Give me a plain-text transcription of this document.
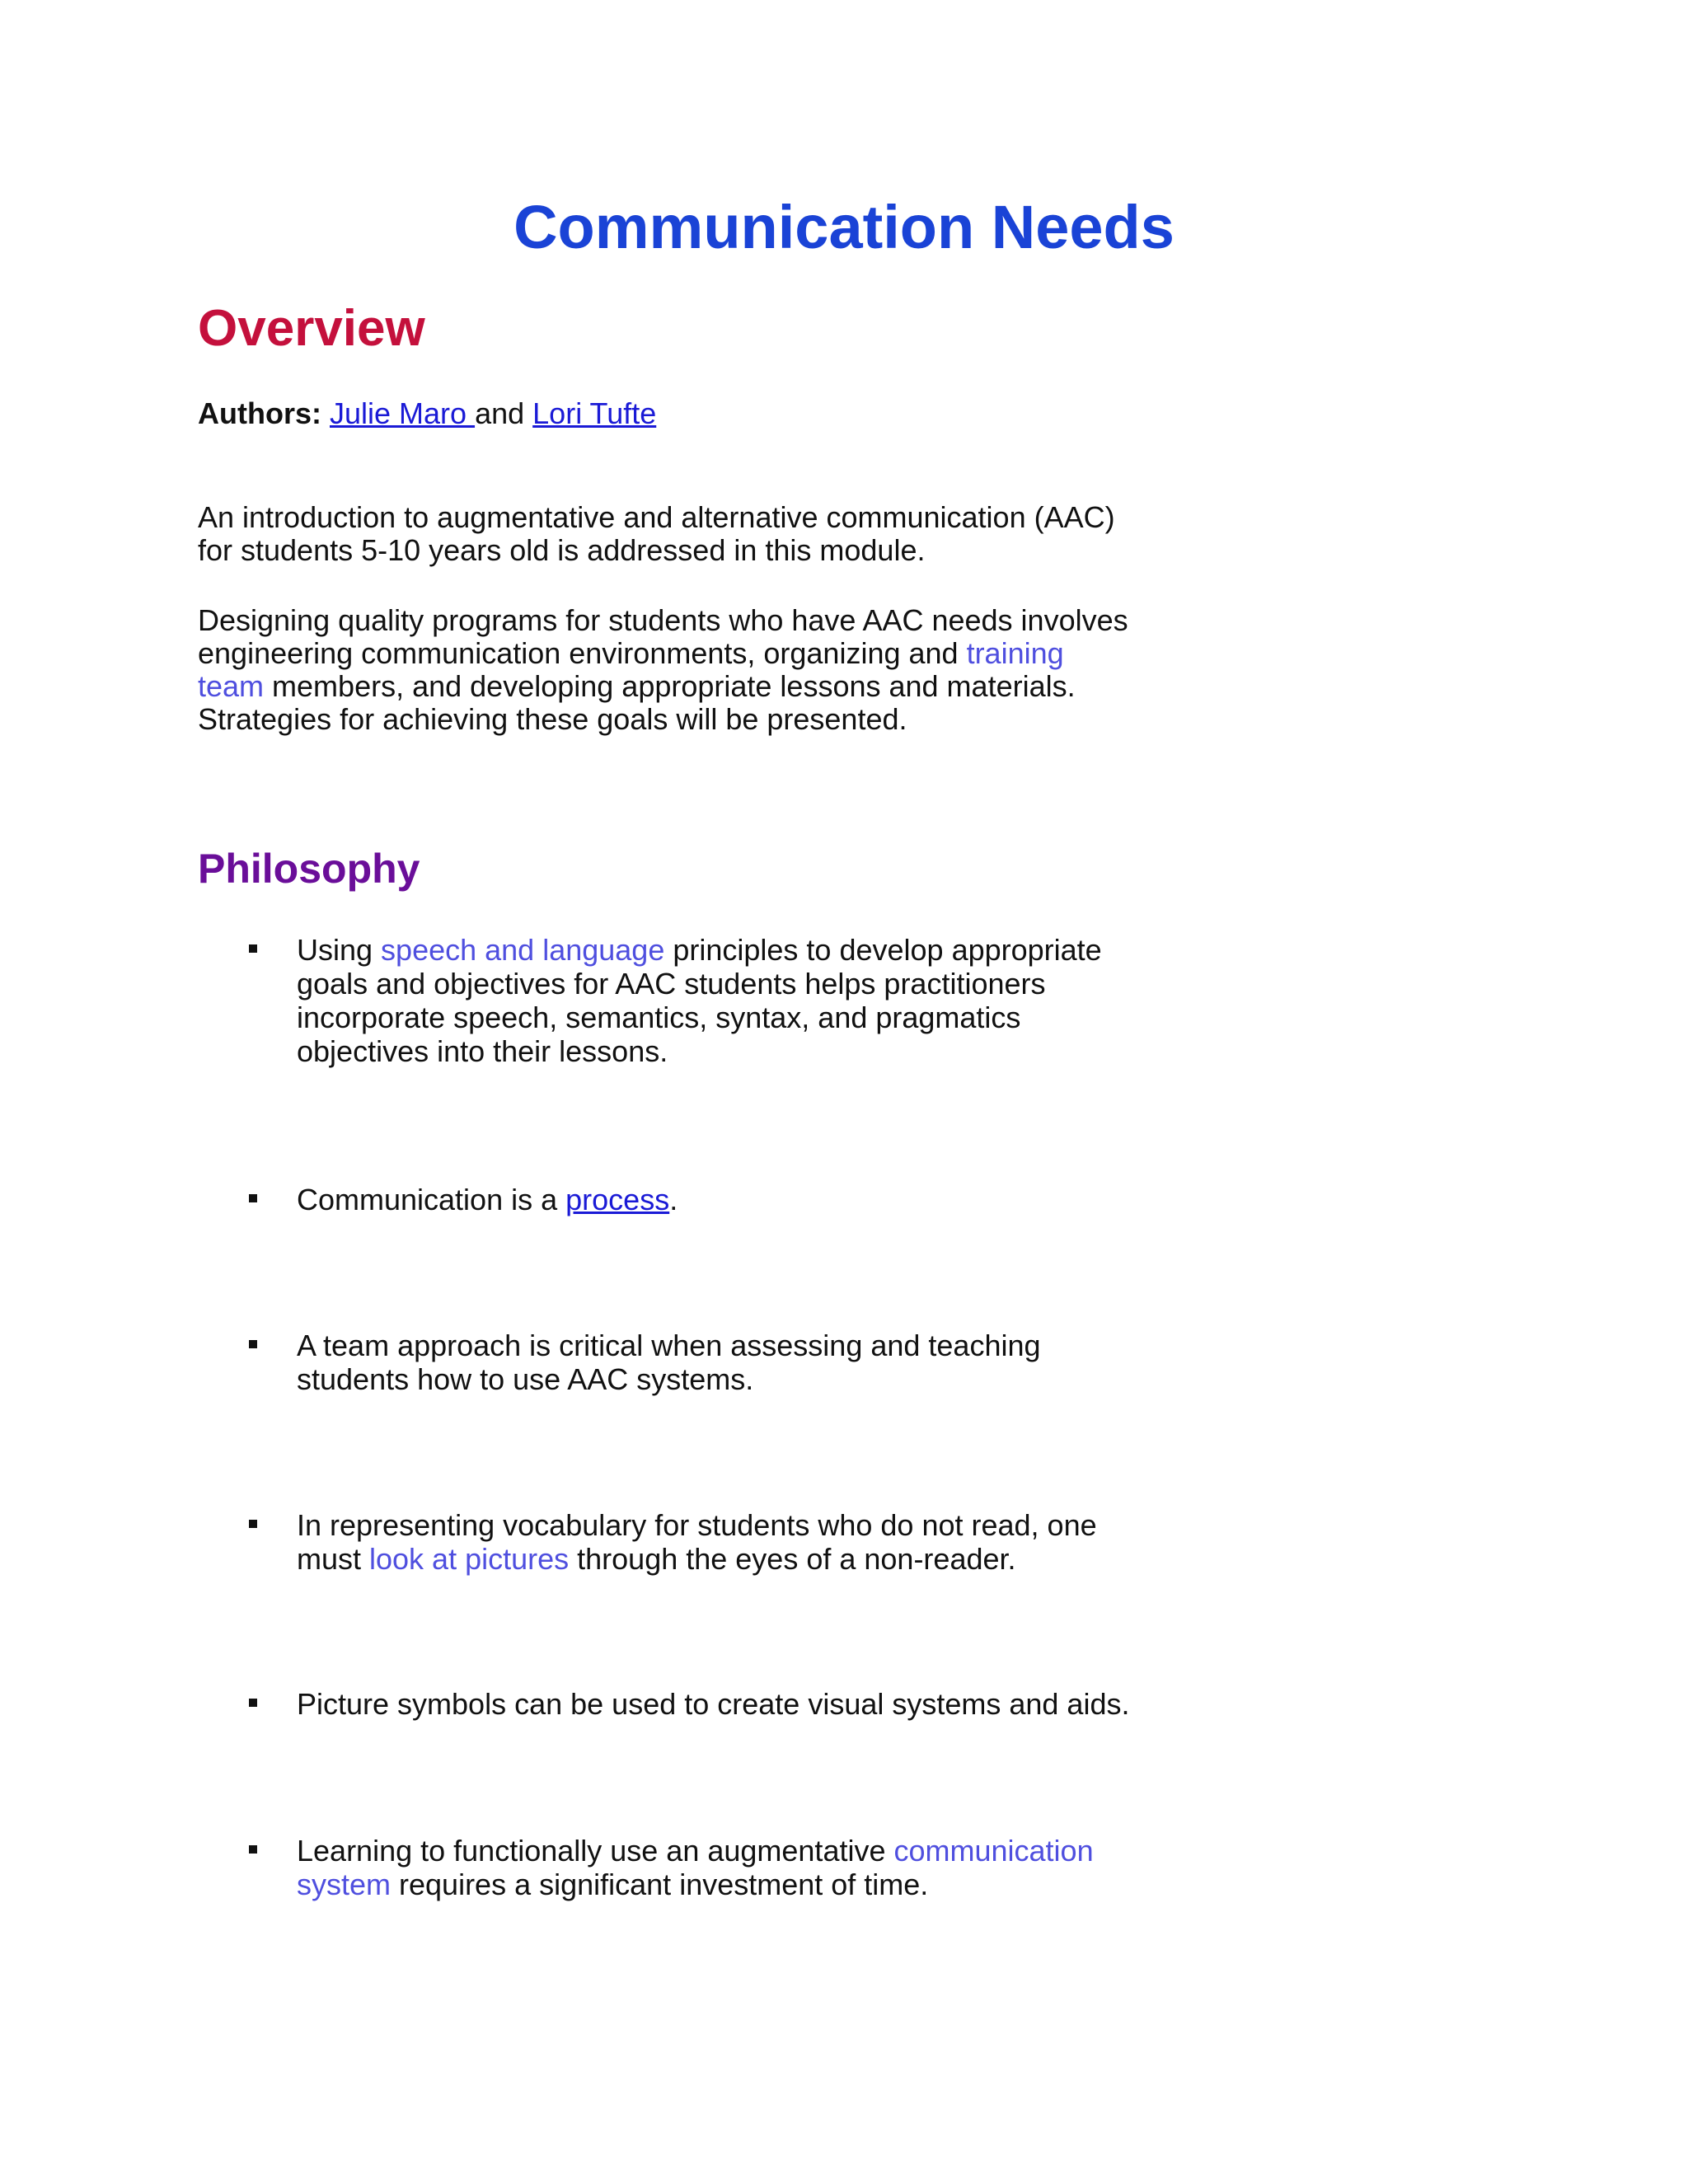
Communication Needs
Overview

Authors: Julie Maro and Lori Tufte

An introduction to augmentative and alternative communication (AAC) for students 5-10 years old is addressed in this module.

Designing quality programs for students who have AAC needs involves engineering communication environments, organizing and training team members, and developing appropriate lessons and materials. Strategies for achieving these goals will be presented.

Philosophy

Using speech and language principles to develop appropriate goals and objectives for AAC students helps practitioners incorporate speech, semantics, syntax, and pragmatics objectives into their lessons.

Communication is a process.

A team approach is critical when assessing and teaching students how to use AAC systems.

In representing vocabulary for students who do not read, one must look at pictures through the eyes of a non-reader.

Picture symbols can be used to create visual systems and aids.

Learning to functionally use an augmentative communication system requires a significant investment of time.
